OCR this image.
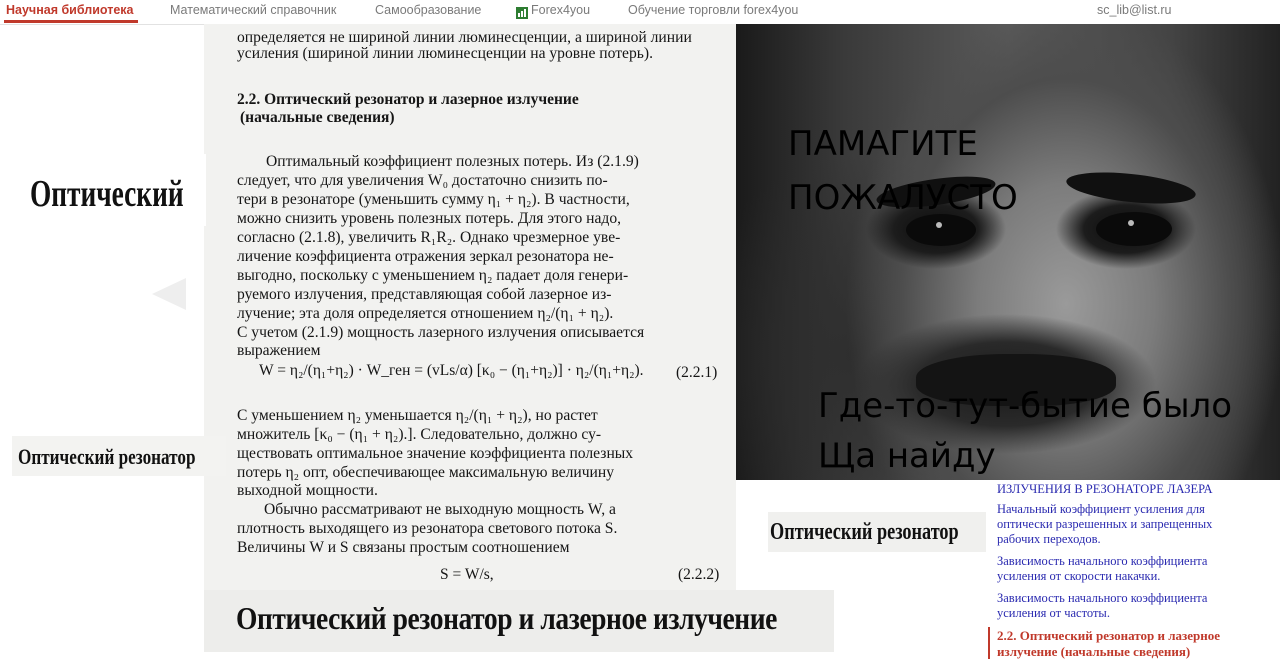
Научная библиотека	Математический справочник	Самообразование	Forex4you	Обучение торговли forex4you	sc_lib@list.ru
определяется не шириной линии люминесценции, а шириной линии
усиления (шириной линии люминесценции на уровне потерь).
2.2. Оптический резонатор и лазерное излучение
(начальные сведения)
Оптимальный коэффициент полезных потерь. Из (2.1.9)
следует, что для увеличения W₀ достаточно снизить по-
тери в резонаторе (уменьшить сумму η₁ + η₂). В частности,
можно снизить уровень полезных потерь. Для этого надо,
согласно (2.1.8), увеличить R₁R₂. Однако чрезмерное уве-
личение коэффициента отражения зеркал резонатора не-
выгодно, поскольку с уменьшением η₂ падает доля генери-
руемого излучения, представляющая собой лазерное из-
лучение; эта доля определяется отношением η₂/(η₁ + η₂).
С учетом (2.1.9) мощность лазерного излучения описывается
выражением
W = η₂/(η₁+η₂) · W_ген = (vLs/α) [κ₀ − (η₁+η₂)] · η₂/(η₁+η₂). (2.2.1)
С уменьшением η₂ уменьшается η₂/(η₁ + η₂), но растет
множитель [κ₀ − (η₁ + η₂).]. Следовательно, должно су-
ществовать оптимальное значение коэффициента полезных
потерь η₂ опт, обеспечивающее максимальную величину
выходной мощности.
Обычно рассматривают не выходную мощность W, а
плотность выходящего из резонатора светового потока S.
Величины W и S связаны простым соотношением
S = W/s,	(2.2.2)
Оптический
Оптический резонатор
Оптический резонатор
Оптический резонатор и лазерное излучение
ПАМАГИТЕ
ПОЖАЛУСТО
Где-то-тут-бытие было
Ща найду
ИЗЛУЧЕНИЯ В РЕЗОНАТОРЕ ЛАЗЕРА
Начальный коэффициент усиления для
оптически разрешенных и запрещенных
рабочих переходов.
Зависимость начального коэффициента
усиления от скорости накачки.
Зависимость начального коэффициента
усиления от частоты.
2.2. Оптический резонатор и лазерное
излучение (начальные сведения)
